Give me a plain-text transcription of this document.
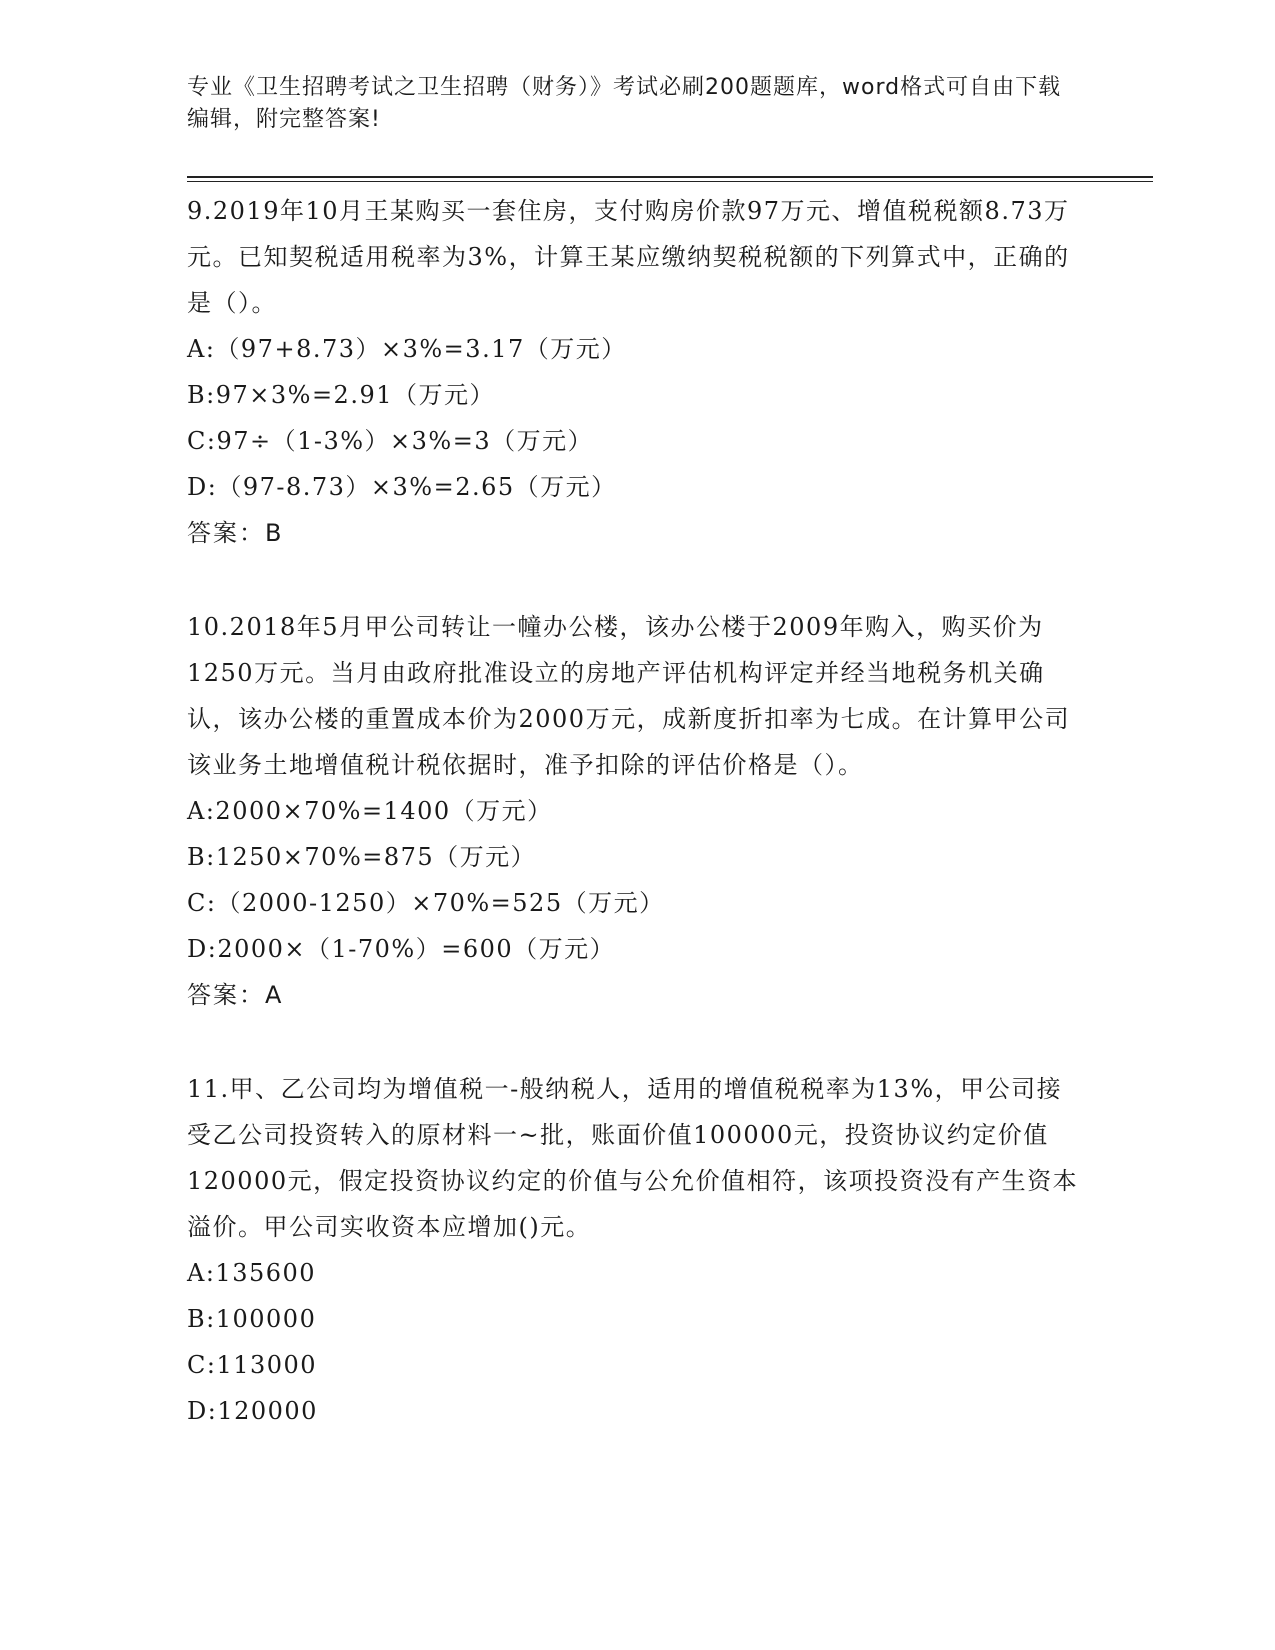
专业《卫生招聘考试之卫生招聘（财务）》考试必刷200题题库，word格式可自由下载编辑，附完整答案!

9.2019年10月王某购买一套住房，支付购房价款97万元、增值税税额8.73万元。已知契税适用税率为3%，计算王某应缴纳契税税额的下列算式中，正确的是（）。

A:（97+8.73）×3%=3.17（万元）

B:97×3%=2.91（万元）

C:97÷（1-3%）×3%=3（万元）

D:（97-8.73）×3%=2.65（万元）

答案：B

10.2018年5月甲公司转让一幢办公楼，该办公楼于2009年购入，购买价为1250万元。当月由政府批准设立的房地产评估机构评定并经当地税务机关确认，该办公楼的重置成本价为2000万元，成新度折扣率为七成。在计算甲公司该业务土地增值税计税依据时，准予扣除的评估价格是（）。

A:2000×70%=1400（万元）

B:1250×70%=875（万元）

C:（2000-1250）×70%=525（万元）

D:2000×（1-70%）=600（万元）

答案：A

11.甲、乙公司均为增值税一-般纳税人，适用的增值税税率为13%，甲公司接受乙公司投资转入的原材料一~批，账面价值100000元，投资协议约定价值120000元，假定投资协议约定的价值与公允价值相符，该项投资没有产生资本溢价。甲公司实收资本应增加()元。

A:135600

B:100000

C:113000

D:120000
